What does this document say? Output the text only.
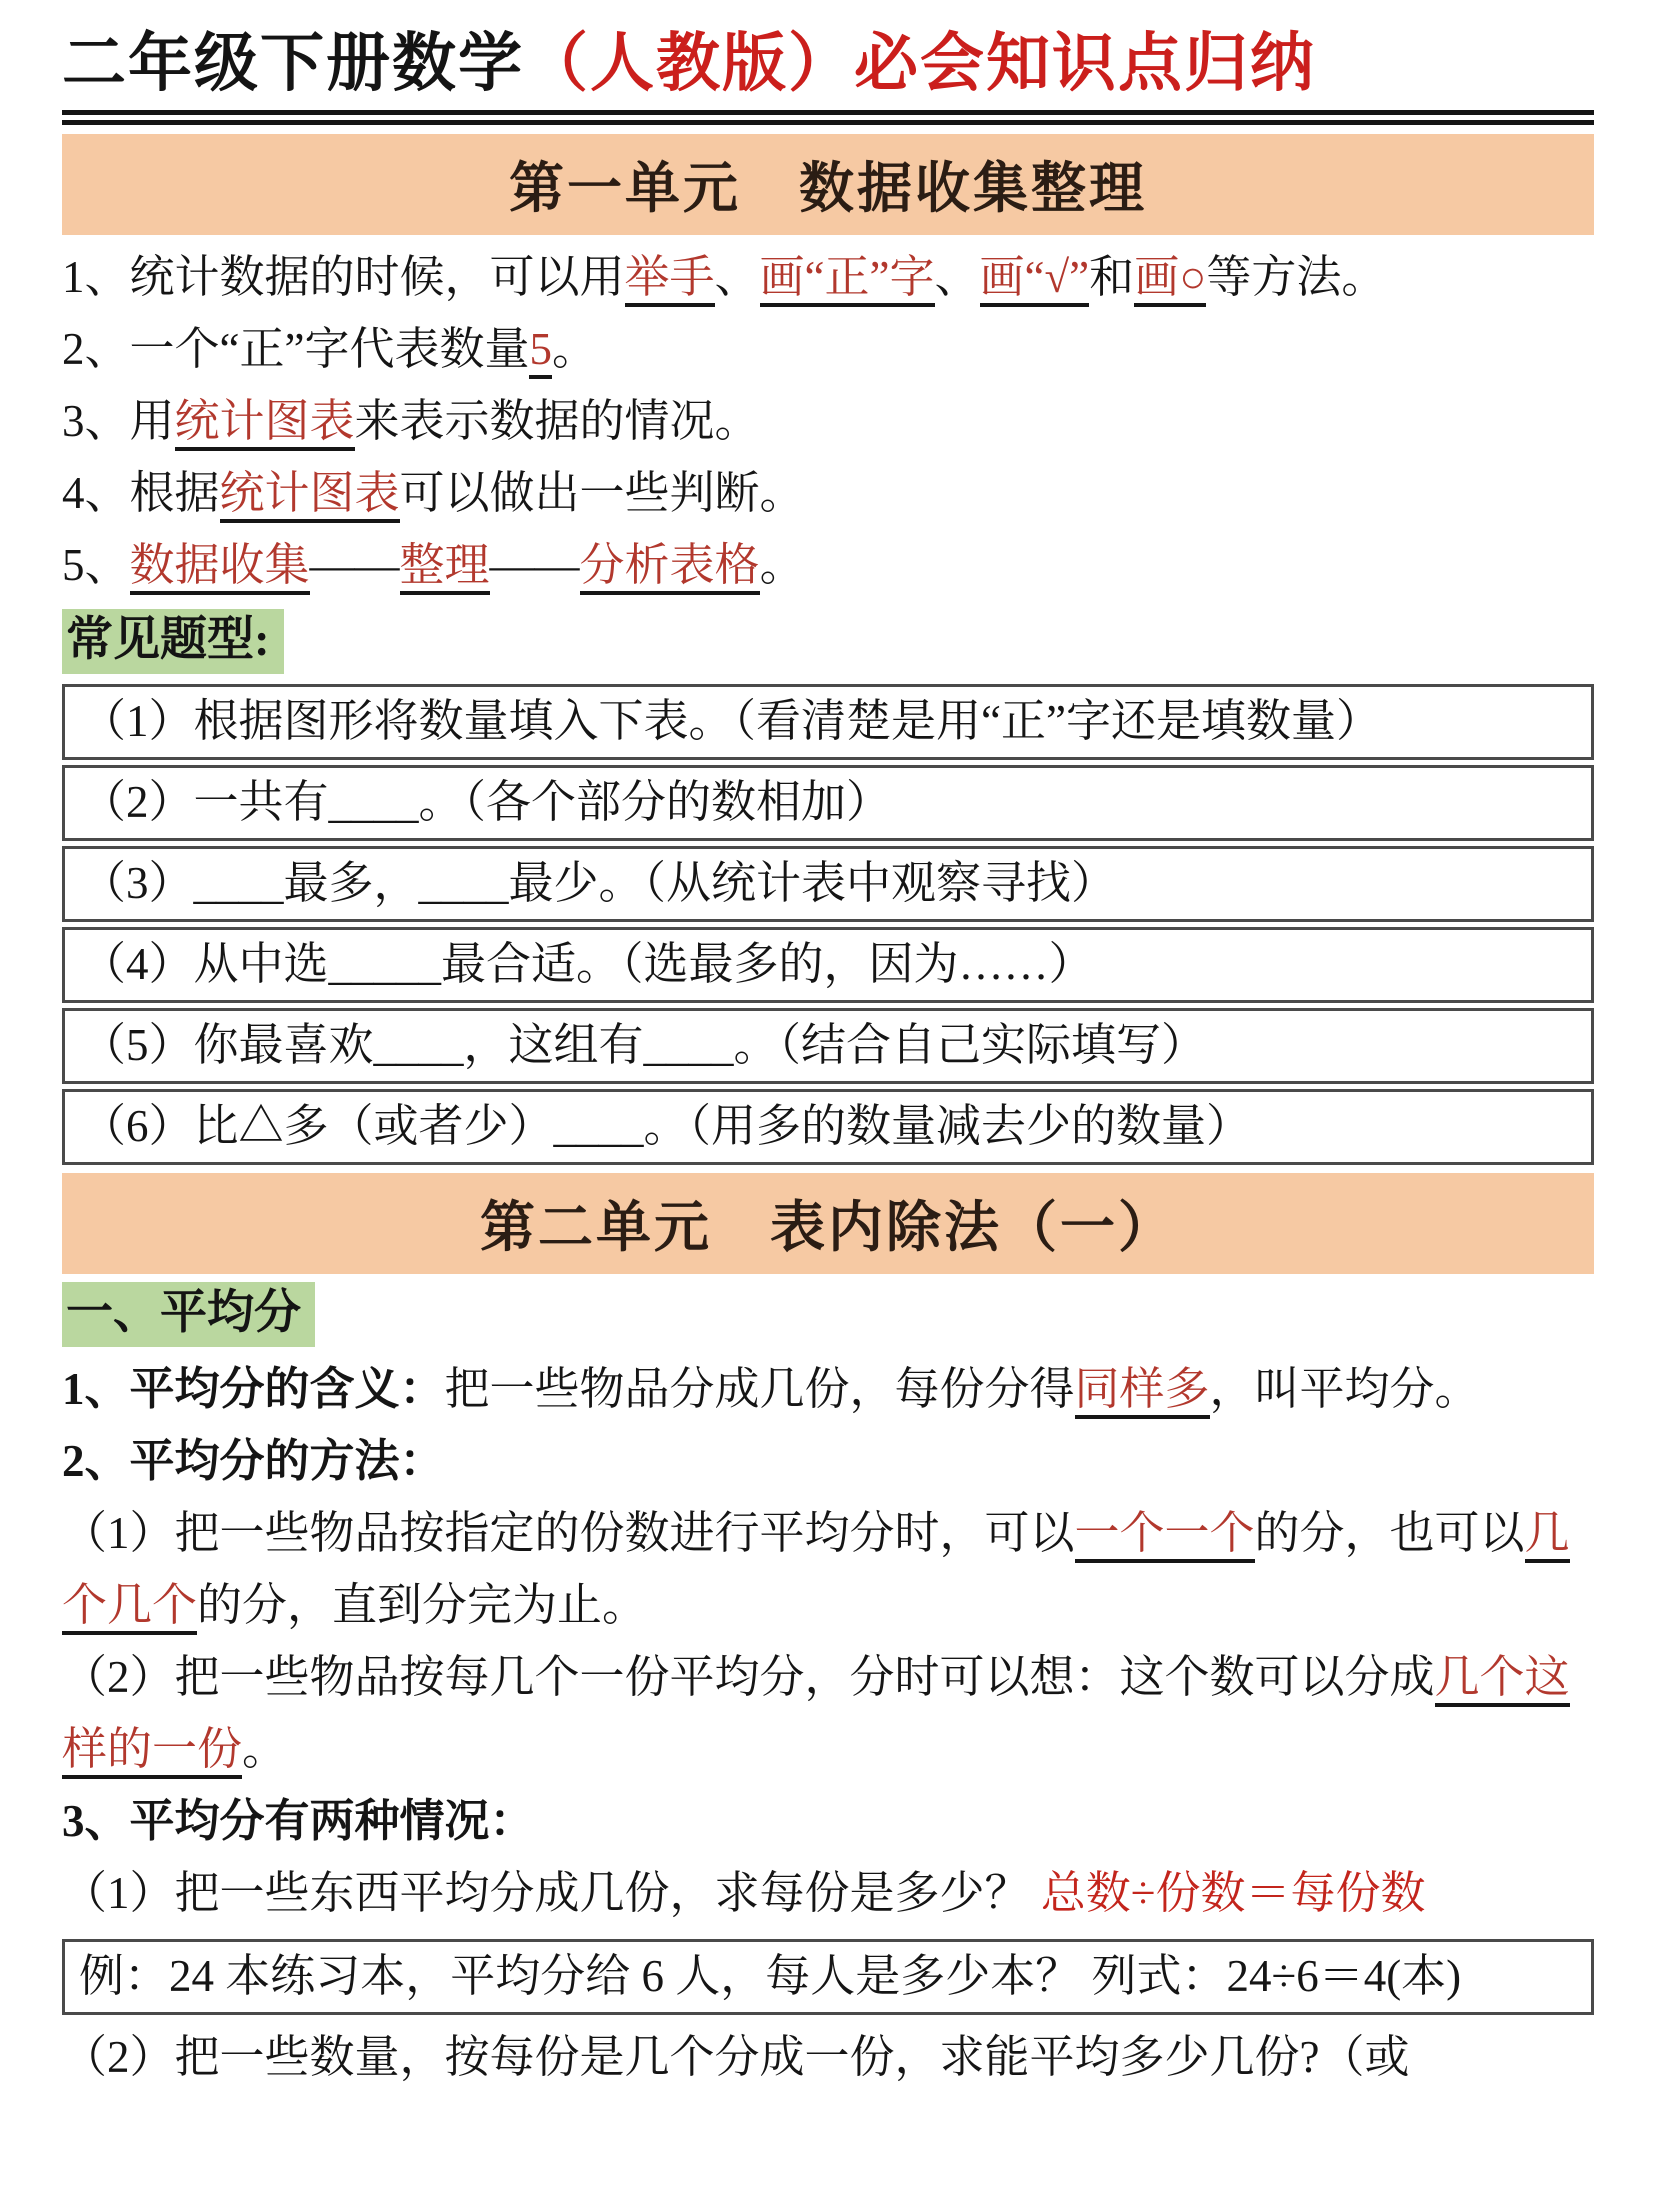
二年级下册数学（人教版）必会知识点归纳
第一单元　数据收集整理
1、统计数据的时候，可以用举手、画“正”字、画“√”和画○等方法。
2、一个“正”字代表数量5。
3、用统计图表来表示数据的情况。
4、根据统计图表可以做出一些判断。
5、数据收集——整理——分析表格。
常见题型:
（1）根据图形将数量填入下表。（看清楚是用“正”字还是填数量）
（2）一共有____。（各个部分的数相加）
（3）____最多，____最少。（从统计表中观察寻找）
（4）从中选_____最合适。（选最多的，因为……）
（5）你最喜欢____，这组有____。（结合自己实际填写）
（6）比△多（或者少）____。（用多的数量减去少的数量）
第二单元　表内除法（一）
一、平均分
1、平均分的含义：把一些物品分成几份，每份分得同样多，叫平均分。
2、平均分的方法：
（1）把一些物品按指定的份数进行平均分时，可以一个一个的分，也可以几个几个的分，直到分完为止。
（2）把一些物品按每几个一份平均分，分时可以想：这个数可以分成几个这样的一份。
3、平均分有两种情况：
（1）把一些东西平均分成几份，求每份是多少？ 总数÷份数＝每份数
例：24 本练习本，平均分给 6 人，每人是多少本？ 列式：24÷6＝4(本)
（2）把一些数量，按每份是几个分成一份，求能平均多少几份?（或
